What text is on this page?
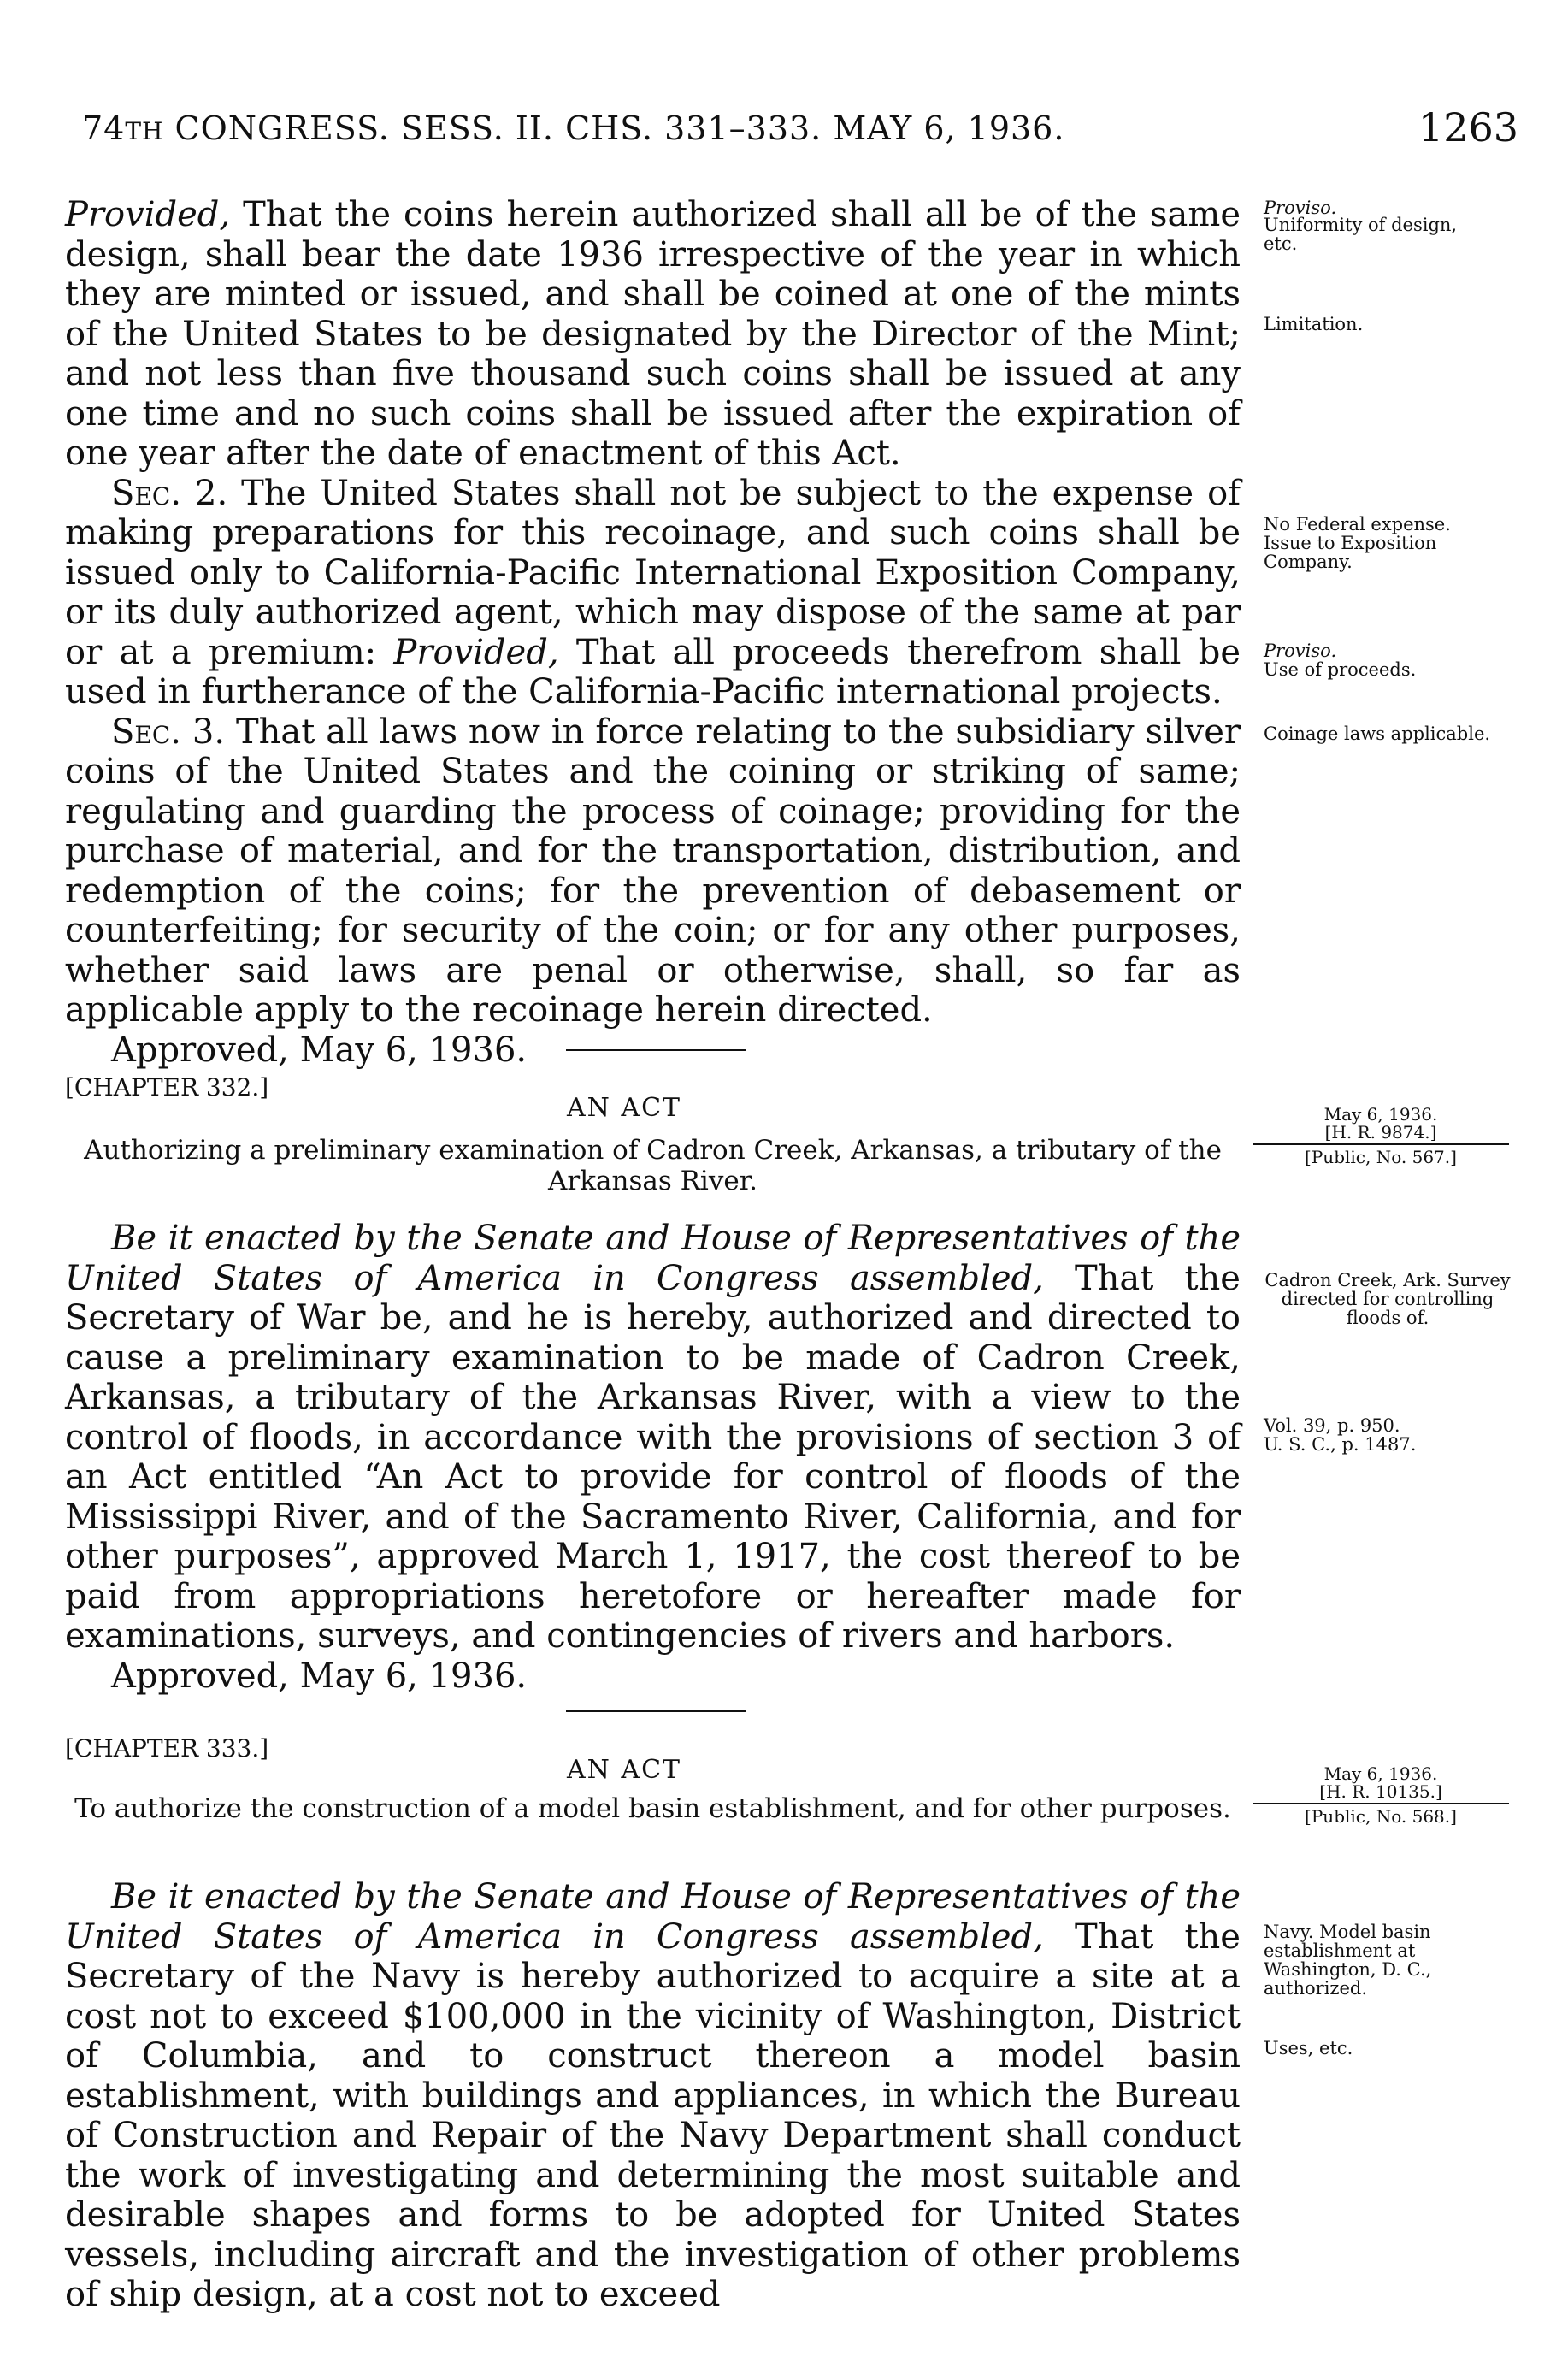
74TH CONGRESS. SESS. II. CHS. 331–333. MAY 6, 1936.	1263

Provided, That the coins herein authorized shall all be of the same design, shall bear the date 1936 irrespective of the year in which they are minted or issued, and shall be coined at one of the mints of the United States to be designated by the Director of the Mint; and not less than five thousand such coins shall be issued at any one time and no such coins shall be issued after the expiration of one year after the date of enactment of this Act.

Sec. 2. The United States shall not be subject to the expense of making preparations for this recoinage, and such coins shall be issued only to California-Pacific International Exposition Company, or its duly authorized agent, which may dispose of the same at par or at a premium: Provided, That all proceeds therefrom shall be used in furtherance of the California-Pacific international projects.

Sec. 3. That all laws now in force relating to the subsidiary silver coins of the United States and the coining or striking of same; regulating and guarding the process of coinage; providing for the purchase of material, and for the transportation, distribution, and redemption of the coins; for the prevention of debasement or counterfeiting; for security of the coin; or for any other purposes, whether said laws are penal or otherwise, shall, so far as applicable apply to the recoinage herein directed.

Approved, May 6, 1936.

Proviso.
Uniformity of design, etc.
Limitation.
No Federal expense.
Issue to Exposition Company.
Proviso.
Use of proceeds.
Coinage laws applicable.
[CHAPTER 332.]
AN ACT
Authorizing a preliminary examination of Cadron Creek, Arkansas, a tributary of the Arkansas River.
May 6, 1936.
[H. R. 9874.]
[Public, No. 567.]

Be it enacted by the Senate and House of Representatives of the United States of America in Congress assembled, That the Secretary of War be, and he is hereby, authorized and directed to cause a preliminary examination to be made of Cadron Creek, Arkansas, a tributary of the Arkansas River, with a view to the control of floods, in accordance with the provisions of section 3 of an Act entitled “An Act to provide for control of floods of the Mississippi River, and of the Sacramento River, California, and for other purposes”, approved March 1, 1917, the cost thereof to be paid from appropriations heretofore or hereafter made for examinations, surveys, and contingencies of rivers and harbors.

Approved, May 6, 1936.

Cadron Creek, Ark. Survey directed for controlling floods of.
Vol. 39, p. 950.
U. S. C., p. 1487.
[CHAPTER 333.]
AN ACT
To authorize the construction of a model basin establishment, and for other purposes.
May 6, 1936.
[H. R. 10135.]
[Public, No. 568.]

Be it enacted by the Senate and House of Representatives of the United States of America in Congress assembled, That the Secretary of the Navy is hereby authorized to acquire a site at a cost not to exceed $100,000 in the vicinity of Washington, District of Columbia, and to construct thereon a model basin establishment, with buildings and appliances, in which the Bureau of Construction and Repair of the Navy Department shall conduct the work of investigating and determining the most suitable and desirable shapes and forms to be adopted for United States vessels, including aircraft and the investigation of other problems of ship design, at a cost not to exceed

Navy. Model basin establishment at Washington, D. C., authorized.
Uses, etc.
